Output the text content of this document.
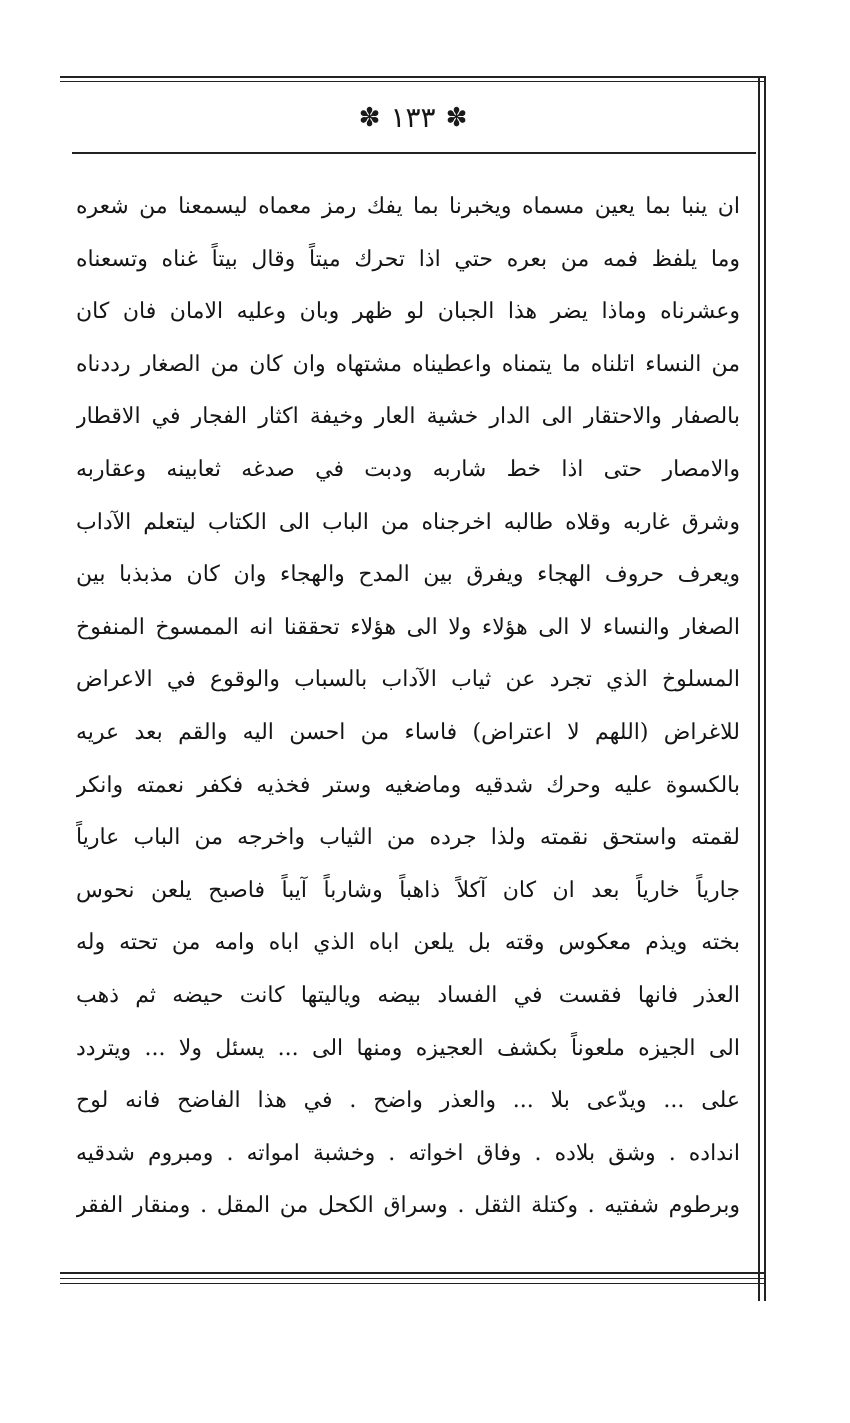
✽
١٣٣
✽
ان ينبا بما يعين مسماه ويخبرنا بما يفك رمز معماه ليسمعنا من شعره
وما يلفظ فمه من بعره حتي اذا تحرك ميتاً وقال بيتاً غناه وتسعناه
وعشرناه وماذا يضر هذا الجبان لو ظهر وبان وعليه الامان فان كان
من النساء اتلناه ما يتمناه واعطيناه مشتهاه وان كان من الصغار رددناه
بالصفار والاحتقار الى الدار خشية العار وخيفة اكثار الفجار في الاقطار
والامصار حتى اذا خط شاربه ودبت في صدغه ثعابينه وعقاربه
وشرق غاربه وقلاه طالبه اخرجناه من الباب الى الكتاب ليتعلم الآداب
ويعرف حروف الهجاء ويفرق بين المدح والهجاء وان كان مذبذبا بين
الصغار والنساء لا الى هؤلاء ولا الى هؤلاء تحققنا انه الممسوخ المنفوخ
المسلوخ الذي تجرد عن ثياب الآداب بالسباب والوقوع في الاعراض
للاغراض (اللهم لا اعتراض) فاساء من احسن اليه والقم بعد عريه
بالكسوة عليه وحرك شدقيه وماضغيه وستر فخذيه فكفر نعمته وانكر
لقمته واستحق نقمته ولذا جرده من الثياب واخرجه من الباب عارياً
جارياً خارياً بعد ان كان آكلاً ذاهباً وشارباً آيباً فاصبح يلعن نحوس
بخته ويذم معكوس وقته بل يلعن اباه الذي اباه وامه من تحته وله
العذر فانها فقست في الفساد بيضه وياليتها كانت حيضه ثم ذهب
الى الجيزه ملعوناً بكشف العجيزه ومنها الى ... يسئل ولا ... ويتردد
على ... ويدّعى بلا ... والعذر واضح . في هذا الفاضح فانه لوح
انداده . وشق بلاده . وفاق اخواته . وخشبة امواته . ومبروم شدقيه
وبرطوم شفتيه . وكتلة الثقل . وسراق الكحل من المقل . ومنقار الفقر
